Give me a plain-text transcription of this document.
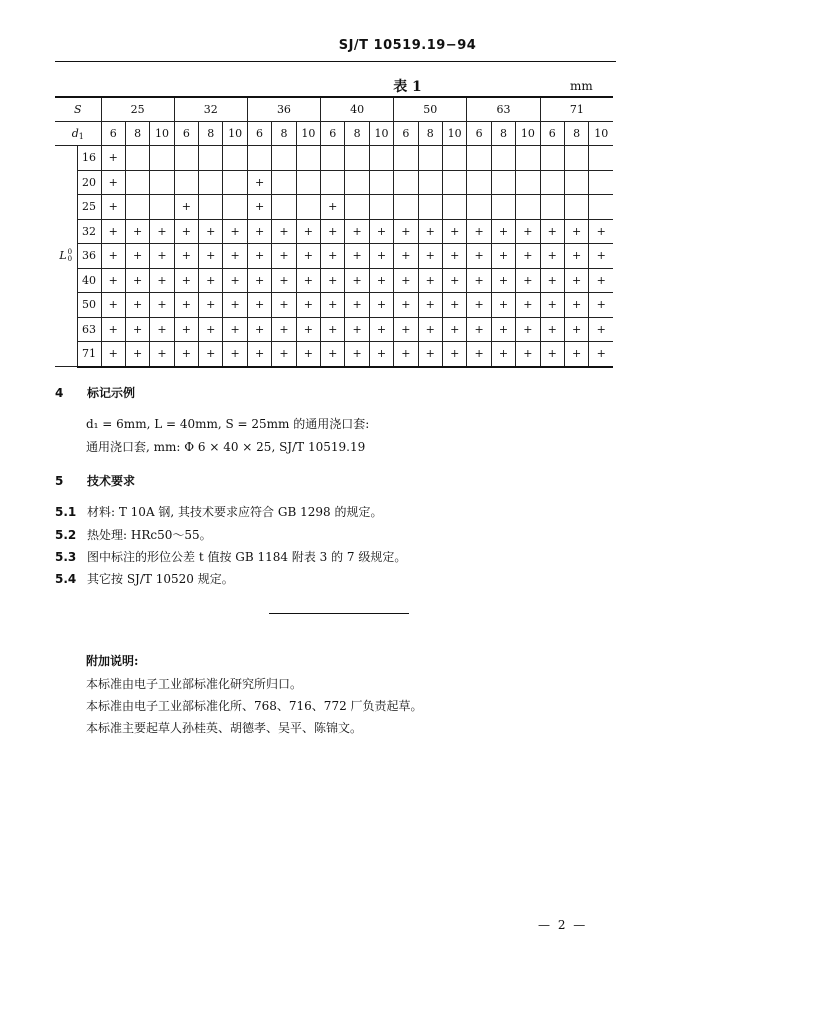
SJ/T 10519.19−94
表 1	mm
S		25			32			36			40			50			63			71		
$d_1$		6	8	10	6	8	10	6	8	10	6	8	10	6	8	10	6	8	10	6	8	10
L 0
0	16	+																				
	20	+						+														
	25	+			+			+			+											
	32	+	+	+	+	+	+	+	+	+	+	+	+	+	+	+	+	+	+	+	+	+
	36	+	+	+	+	+	+	+	+	+	+	+	+	+	+	+	+	+	+	+	+	+
	40	+	+	+	+	+	+	+	+	+	+	+	+	+	+	+	+	+	+	+	+	+
	50	+	+	+	+	+	+	+	+	+	+	+	+	+	+	+	+	+	+	+	+	+
	63	+	+	+	+	+	+	+	+	+	+	+	+	+	+	+	+	+	+	+	+	+
	71	+	+	+	+	+	+	+	+	+	+	+	+	+	+	+	+	+	+	+	+	+
4 标记示例
d₁ = 6mm, L = 40mm, S = 25mm 的通用浇口套:
通用浇口套, mm: Φ 6 × 40 × 25, SJ/T 10519.19
5 技术要求
5.1 材料: T 10A 钢, 其技术要求应符合 GB 1298 的规定。
5.2 热处理: HRc50～55。
5.3 图中标注的形位公差 t 值按 GB 1184 附表 3 的 7 级规定。
5.4 其它按 SJ/T 10520 规定。
附加说明:
本标准由电子工业部标准化研究所归口。
本标准由电子工业部标准化所、768、716、772 厂负责起草。
本标准主要起草人孙桂英、胡德孝、吴平、陈锦文。
— 2 —
